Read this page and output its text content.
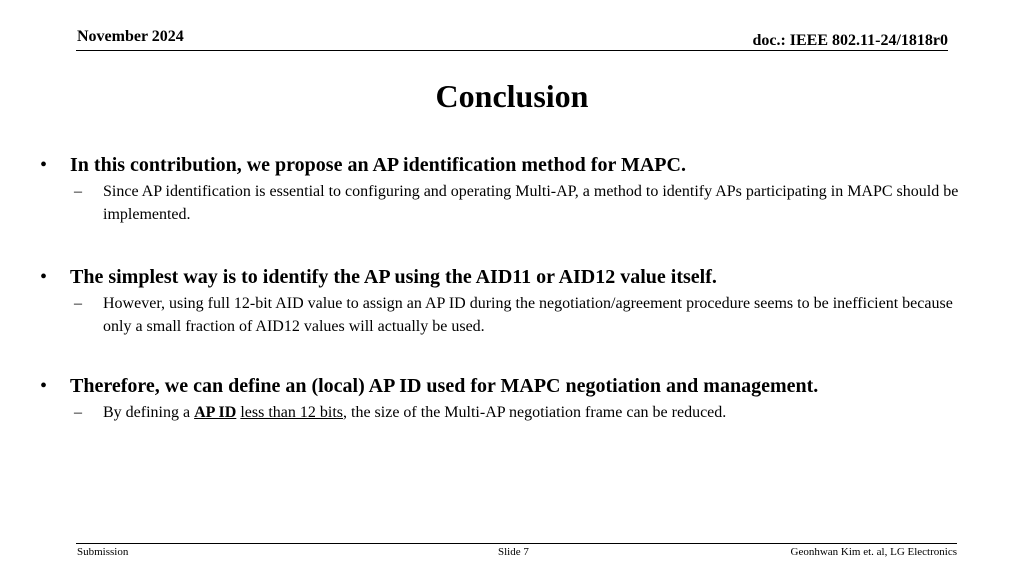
November 2024	doc.: IEEE 802.11-24/1818r0
Conclusion
•	In this contribution, we propose an AP identification method for MAPC.
–	Since AP identification is essential to configuring and operating Multi-AP, a method to identify APs participating in MAPC should be implemented.
•	The simplest way is to identify the AP using the AID11 or AID12 value itself.
–	However, using full 12-bit AID value to assign an AP ID during the negotiation/agreement procedure seems to be inefficient because only a small fraction of AID12 values will actually be used.
•	Therefore, we can define an (local) AP ID used for MAPC negotiation and management.
–	By defining a AP ID less than 12 bits, the size of the Multi-AP negotiation frame can be reduced.
Submission	Slide 7	Geonhwan Kim et. al, LG Electronics
